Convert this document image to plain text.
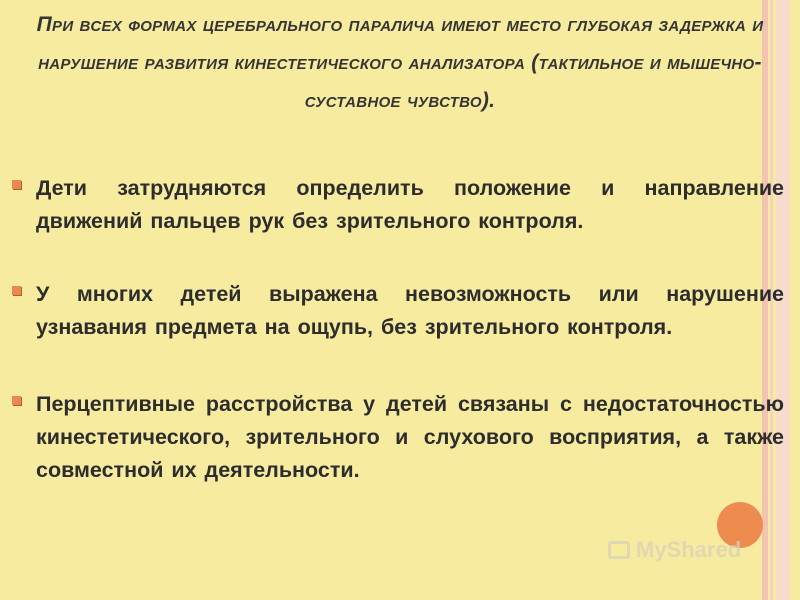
При всех формах церебрального паралича имеют место глубокая задержка и нарушение развития кинестетического анализатора (тактильное и мышечно-суставное чувство).
Дети затрудняются определить положение и направление движений пальцев рук без зрительного контроля.
У многих детей выражена невозможность или нарушение узнавания предмета на ощупь, без зрительного контроля.
Перцептивные расстройства у детей связаны с недостаточностью кинестетического, зрительного и слухового восприятия, а также совместной их деятельности.
MyShared
